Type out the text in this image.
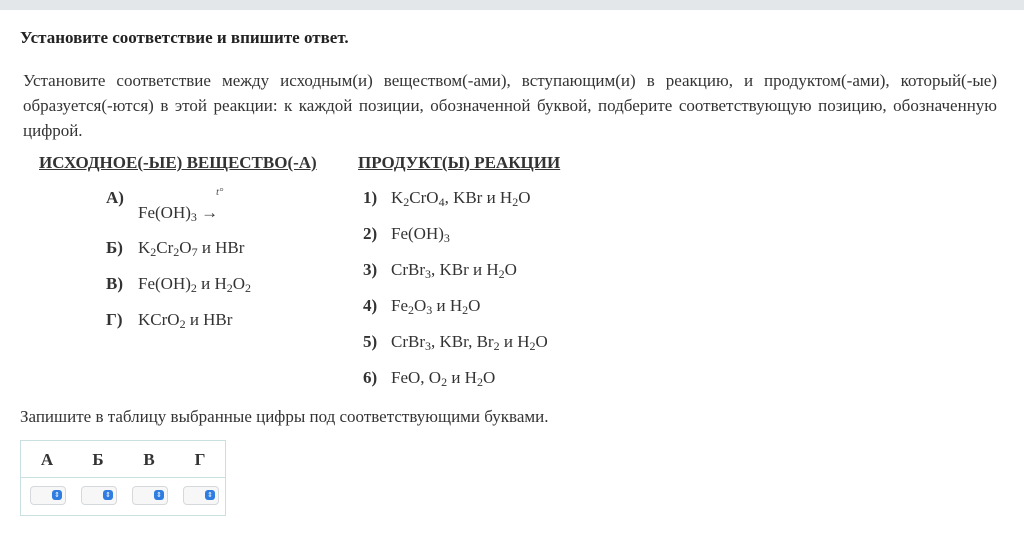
Установите соответствие и впишите ответ.
Установите соответствие между исходным(и) веществом(-ами), вступающим(и) в реакцию, и продуктом(-ами), который(-ые) образуется(-ются) в этой реакции: к каждой позиции, обозначенной буквой, подберите соответствующую позицию, обозначенную цифрой.
ИСХОДНОЕ(-ЫЕ) ВЕЩЕСТВО(-А) ПРОДУКТ(Ы) РЕАКЦИИ
А)
$Fe(OH)_3$ →
t°
Б) $K_2Cr_2O_7$ и HBr
В) $Fe(OH)_2$ и $H_2O_2$
Г) KCrO$_2$ и HBr
1) $K_2CrO_4$, KBr и $H_2O$
2) $Fe(OH)_3$
3) CrBr$_3$, KBr и $H_2O$
4) $Fe_2O_3$ и $H_2O$
5) CrBr$_3$, KBr, $Br_2$ и $H_2O$
6) FeO, $O_2$ и $H_2O$
Запишите в таблицу выбранные цифры под соответствующими буквами.
А	Б	В	Г
⇕	⇕	⇕	⇕
